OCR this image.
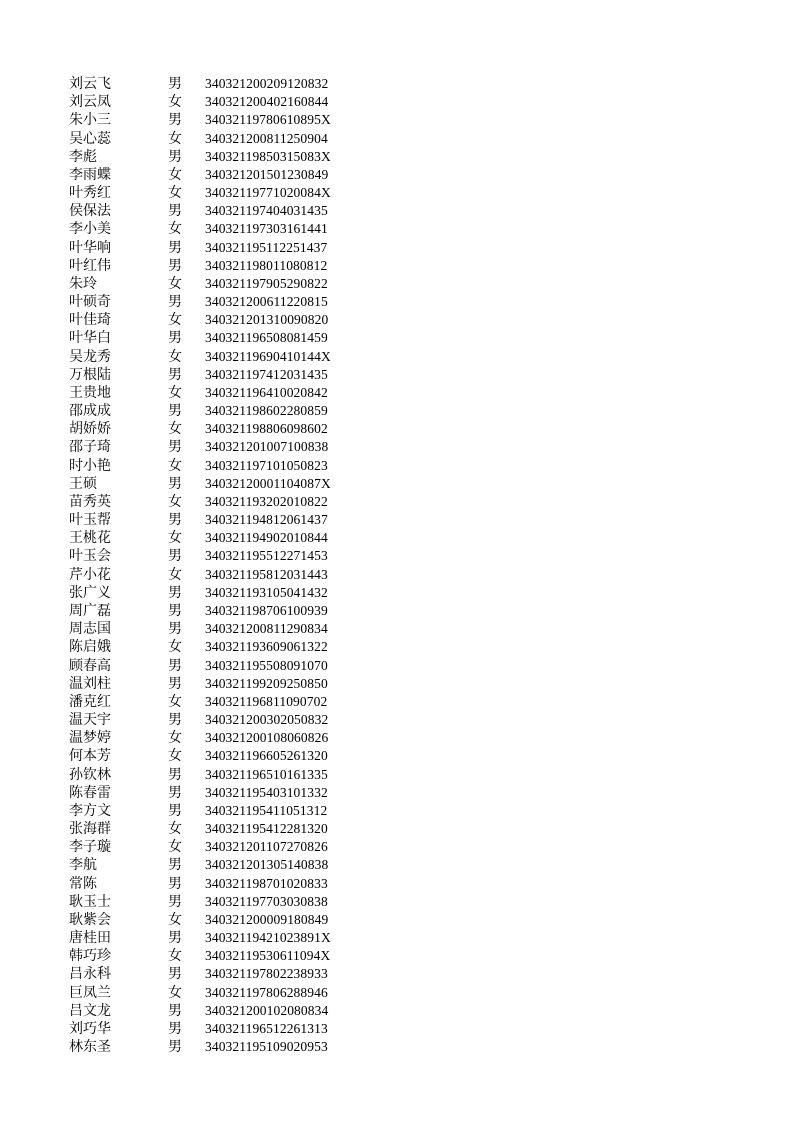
刘云飞	男 340321200209120832
刘云凤	女 340321200402160844
朱小三	男 34032119780610895X
吴心蕊	女 340321200811250904
李彪	男 34032119850315083X
李雨蝶	女 340321201501230849
叶秀红	女 34032119771020084X
侯保法	男 340321197404031435
李小美	女 340321197303161441
叶华响	男 340321195112251437
叶红伟	男 340321198011080812
朱玲	女 340321197905290822
叶硕奇	男 340321200611220815
叶佳琦	女 340321201310090820
叶华白	男 340321196508081459
吴龙秀	女 34032119690410144X
万根陆	男 340321197412031435
王贵地	女 340321196410020842
邵成成	男 340321198602280859
胡娇娇	女 340321198806098602
邵子琦	男 340321201007100838
时小艳	女 340321197101050823
王硕	男 34032120001104087X
苗秀英	女 340321193202010822
叶玉帮	男 340321194812061437
王桃花	女 340321194902010844
叶玉会	男 340321195512271453
芹小花	女 340321195812031443
张广义	男 340321193105041432
周广磊	男 340321198706100939
周志国	男 340321200811290834
陈启娥	女 340321193609061322
顾春高	男 340321195508091070
温刘柱	男 340321199209250850
潘克红	女 340321196811090702
温天宇	男 340321200302050832
温梦婷	女 340321200108060826
何本芳	女 340321196605261320
孙钦林	男 340321196510161335
陈春雷	男 340321195403101332
李方文	男 340321195411051312
张海群	女 340321195412281320
李子璇	女 340321201107270826
李航	男 340321201305140838
常陈	男 340321198701020833
耿玉士	男 340321197703030838
耿紫会	女 340321200009180849
唐桂田	男 34032119421023891X
韩巧珍	女 34032119530611094X
吕永科	男 340321197802238933
巨凤兰	女 340321197806288946
吕文龙	男 340321200102080834
刘巧华	男 340321196512261313
林东圣	男 340321195109020953
